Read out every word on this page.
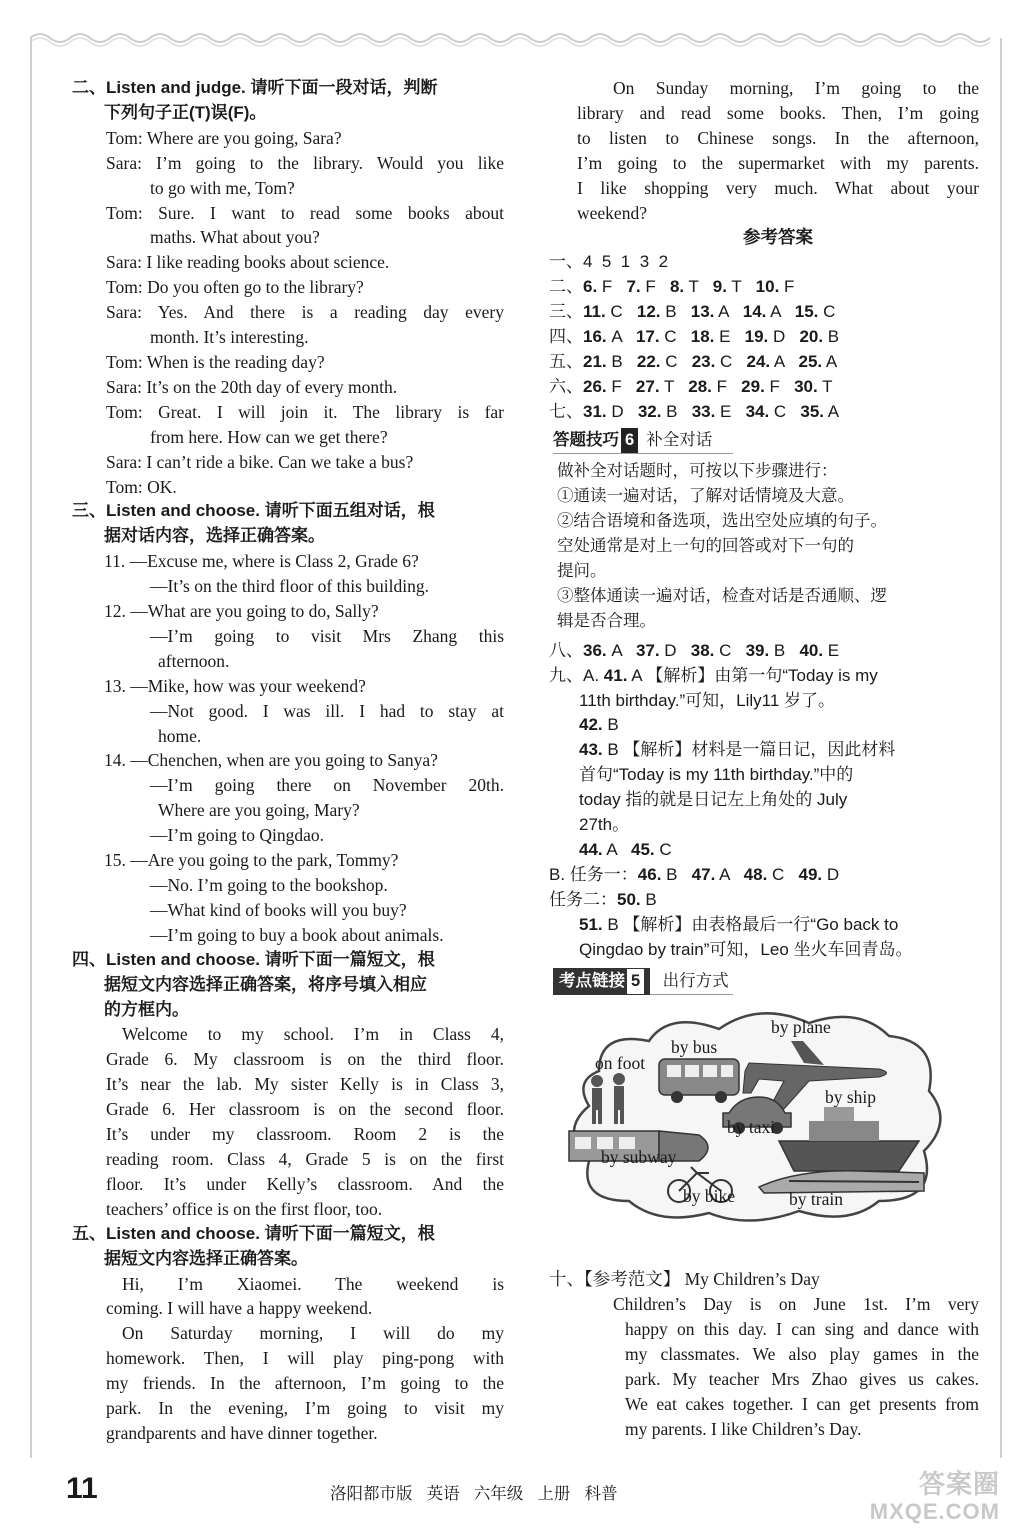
二、Listen and judge. 请听下面一段对话，判断
下列句子正(T)误(F)。
Tom: Where are you going, Sara?
Sara: I’m going to the library. Would you like
to go with me, Tom?
Tom: Sure. I want to read some books about
maths. What about you?
Sara: I like reading books about science.
Tom: Do you often go to the library?
Sara: Yes. And there is a reading day every
month. It’s interesting.
Tom: When is the reading day?
Sara: It’s on the 20th day of every month.
Tom: Great. I will join it. The library is far
from here. How can we get there?
Sara: I can’t ride a bike. Can we take a bus?
Tom: OK.
三、Listen and choose. 请听下面五组对话，根
据对话内容，选择正确答案。
11. —Excuse me, where is Class 2, Grade 6?
—It’s on the third floor of this building.
12. —What are you going to do, Sally?
—I’m going to visit Mrs Zhang this
afternoon.
13. —Mike, how was your weekend?
—Not good. I was ill. I had to stay at
home.
14. —Chenchen, when are you going to Sanya?
—I’m going there on November 20th.
Where are you going, Mary?
—I’m going to Qingdao.
15. —Are you going to the park, Tommy?
—No. I’m going to the bookshop.
—What kind of books will you buy?
—I’m going to buy a book about animals.
四、Listen and choose. 请听下面一篇短文，根
据短文内容选择正确答案，将序号填入相应
的方框内。
Welcome to my school. I’m in Class 4,
Grade 6. My classroom is on the third floor.
It’s near the lab. My sister Kelly is in Class 3,
Grade 6. Her classroom is on the second floor.
It’s under my classroom. Room 2 is the
reading room. Class 4, Grade 5 is on the first
floor. It’s under Kelly’s classroom. And the
teachers’ office is on the first floor, too.
五、Listen and choose. 请听下面一篇短文，根
据短文内容选择正确答案。
Hi, I’m Xiaomei. The weekend is
coming. I will have a happy weekend.
On Saturday morning, I will do my
homework. Then, I will play ping-pong with
my friends. In the afternoon, I’m going to the
park. In the evening, I’m going to visit my
grandparents and have dinner together.
On Sunday morning, I’m going to the
library and read some books. Then, I’m going
to listen to Chinese songs. In the afternoon,
I’m going to the supermarket with my parents.
I like shopping very much. What about your
weekend?
参考答案
一、4  5  1  3  2
二、6. F   7. F   8. T   9. T   10. F
三、11. C   12. B   13. A   14. A   15. C
四、16. A   17. C   18. E   19. D   20. B
五、21. B   22. C   23. C   24. A   25. A
六、26. F   27. T   28. F   29. F   30. T
七、31. D   32. B   33. E   34. C   35. A
答题技巧 6 补全对话
做补全对话题时，可按以下步骤进行：
①通读一遍对话，了解对话情境及大意。
②结合语境和备选项，选出空处应填的句子。
空处通常是对上一句的回答或对下一句的
提问。
③整体通读一遍对话，检查对话是否通顺、逻
辑是否合理。
八、36. A   37. D   38. C   39. B   40. E
九、A. 41. A 【解析】由第一句“Today is my
11th birthday.”可知，Lily11 岁了。
42. B
43. B 【解析】材料是一篇日记，因此材料
首句“Today is my 11th birthday.”中的
today 指的就是日记左上角处的 July
27th。
44. A   45. C
B. 任务一：46. B   47. A   48. C   49. D
任务二：50. B
51. B 【解析】由表格最后一行“Go back to
Qingdao by train”可知，Leo 坐火车回青岛。
考点链接 5
出行方式
by plane
by bus
on foot
by ship
by taxi
by subway
by bike	by train
十、【参考范文】 My Children’s Day
Children’s Day is on June 1st. I’m very
happy on this day. I can sing and dance with
my classmates. We also play games in the
park. My teacher Mrs Zhao gives us cakes.
We eat cakes together. I can get presents from
my parents. I like Children’s Day.
11	洛阳都市版 英语 六年级 上册 科普	答案圈
MXQE.COM
